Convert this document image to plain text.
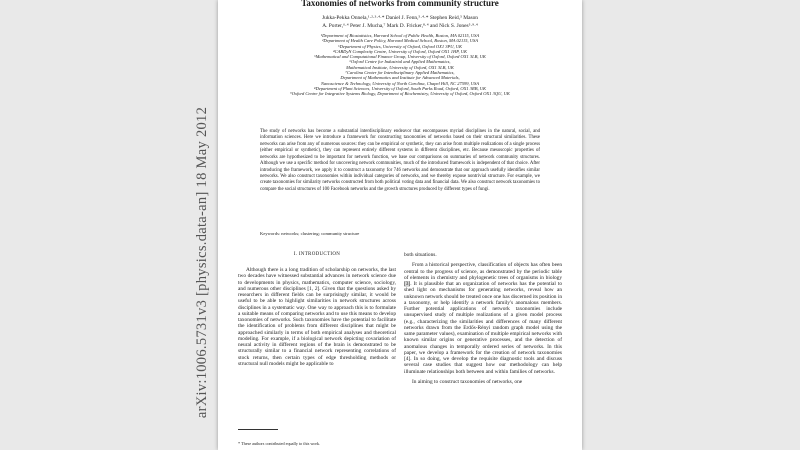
arXiv:1006.5731v3 [physics.data-an] 18 May 2012
Taxonomies of networks from community structure
Jukka-Pekka Onnela,¹·²·³·⁴·* Daniel J. Fenn,⁵·⁴·* Stephen Reid,⁵ Mason
A. Porter,⁶·⁴ Peter J. Mucha,⁷ Mark D. Fricker,⁸·⁴ and Nick S. Jones⁵·⁹·⁴
¹Department of Biostatistics, Harvard School of Public Health, Boston, MA 02115, USA
²Department of Health Care Policy, Harvard Medical School, Boston, MA 02115, USA
⁵Department of Physics, University of Oxford, Oxford OX1 3PU, UK
⁴CABDyN Complexity Centre, University of Oxford, Oxford OX1 1HP, UK
⁵Mathematical and Computational Finance Group, University of Oxford, Oxford OX1 3LB, UK
⁶Oxford Centre for Industrial and Applied Mathematics,
Mathematical Institute, University of Oxford, OX1 3LB, UK
⁷Carolina Center for Interdisciplinary Applied Mathematics,
Department of Mathematics and Institute for Advanced Materials,
Nanoscience & Technology, University of North Carolina, Chapel Hill, NC 27599, USA
⁸Department of Plant Sciences, University of Oxford, South Parks Road, Oxford, OX1 3RB, UK
⁹Oxford Centre for Integrative Systems Biology, Department of Biochemistry, University of Oxford, Oxford OX1 3QU, UK

The study of networks has become a substantial interdisciplinary endeavor that encompasses myriad disciplines in the natural, social, and information sciences. Here we introduce a framework for constructing taxonomies of networks based on their structural similarities. These networks can arise from any of numerous sources: they can be empirical or synthetic, they can arise from multiple realizations of a single process (either empirical or synthetic), they can represent entirely different systems in different disciplines, etc. Because mesoscopic properties of networks are hypothesized to be important for network function, we base our comparisons on summaries of network community structures. Although we use a specific method for uncovering network communities, much of the introduced framework is independent of that choice. After introducing the framework, we apply it to construct a taxonomy for 746 networks and demonstrate that our approach usefully identifies similar networks. We also construct taxonomies within individual categories of networks, and we thereby expose nontrivial structure. For example, we create taxonomies for similarity networks constructed from both political voting data and financial data. We also construct network taxonomies to compare the social structures of 100 Facebook networks and the growth structures produced by different types of fungi.

Keywords: networks; clustering; community structure
I. INTRODUCTION

Although there is a long tradition of scholarship on networks, the last two decades have witnessed substantial advances in network science due to developments in physics, mathematics, computer science, sociology, and numerous other disciplines [1, 2]. Given that the questions asked by researchers in different fields can be surprisingly similar, it would be useful to be able to highlight similarities in network structures across disciplines in a systematic way. One way to approach this is to formulate a suitable means of comparing networks and to use this means to develop taxonomies of networks. Such taxonomies have the potential to facilitate the identification of problems from different disciplines that might be approached similarly in terms of both empirical analyses and theoretical modeling. For example, if a biological network depicting covariation of neural activity in different regions of the brain is demonstrated to be structurally similar to a financial network representing correlations of stock returns, then certain types of edge thresholding methods or structural null models might be applicable to

both situations.

From a historical perspective, classification of objects has often been central to the progress of science, as demonstrated by the periodic table of elements in chemistry and phylogenetic trees of organisms in biology [3]. It is plausible that an organization of networks has the potential to shed light on mechanisms for generating networks, reveal how an unknown network should be treated once one has discerned its position in a taxonomy, or help identify a network family's anomalous members. Further potential applications of network taxonomies include unsupervised study of multiple realizations of a given model process (e.g., characterizing the similarities and differences of many different networks drawn from the Erdős-Rényi random graph model using the same parameter values), examination of multiple empirical networks with known similar origins or generative processes, and the detection of anomalous changes in temporally ordered series of networks. In this paper, we develop a framework for the creation of network taxonomies [4]. In so doing, we develop the requisite diagnostic tools and discuss several case studies that suggest how our methodology can help illuminate relationships both between and within families of networks.

In aiming to construct taxonomies of networks, one

* These authors contributed equally to this work.
